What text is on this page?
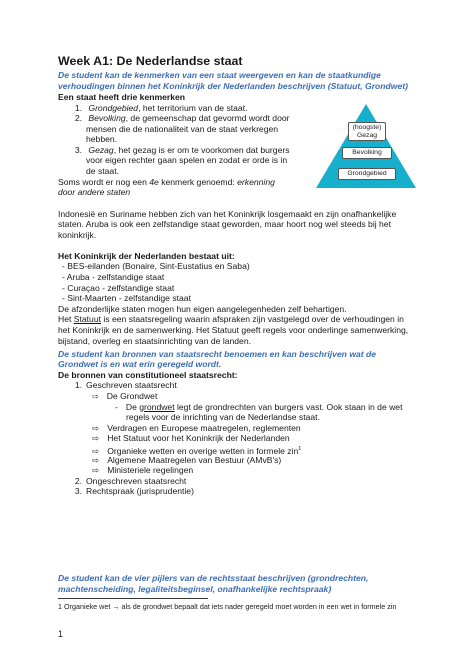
Week A1: De Nederlandse staat
De student kan de kenmerken van een staat weergeven en kan de staatkundige
verhoudingen binnen het Koninkrijk der Nederlanden beschrijven (Statuut, Grondwet)
Een staat heeft drie kenmerken
1. Grondgebied, het territorium van de staat.
2. Bevolking, de gemeenschap dat gevormd wordt door
mensen die de nationaliteit van de staat verkregen
hebben.
3. Gezag, het gezag is er om te voorkomen dat burgers
voor eigen rechter gaan spelen en zodat er orde is in
de staat.
Soms wordt er nog een 4e kenmerk genoemd: erkenning
door andere staten
(hoogste)
Gezag
Bevolking
Grondgebied
Indonesië en Suriname hebben zich van het Koninkrijk losgemaakt en zijn onafhankelijke
staten. Aruba is ook een zelfstandige staat geworden, maar hoort nog wel steeds bij het
koninkrijk.
Het Koninkrijk der Nederlanden bestaat uit:
- BES-eilanden (Bonaire, Sint-Eustatius en Saba)
- Aruba - zelfstandige staat
- Curaçao - zelfstandige staat
- Sint-Maarten - zelfstandige staat
De afzonderlijke staten mogen hun eigen aangelegenheden zelf behartigen.
Het Statuut is een staatsregeling waarin afspraken zijn vastgelegd over de verhoudingen in
het Koninkrijk en de samenwerking. Het Statuut geeft regels voor onderlinge samenwerking,
bijstand, overleg en staatsinrichting van de landen.
De student kan bronnen van staatsrecht benoemen en kan beschrijven wat de
Grondwet is en wat erin geregeld wordt.
De bronnen van constitutioneel staatsrecht:
1. Geschreven staatsrecht
⇨ De Grondwet
- De grondwet legt de grondrechten van burgers vast. Ook staan in de wet
regels voor de inrichting van de Nederlandse staat.
⇨ Verdragen en Europese maatregelen, reglementen
⇨ Het Statuut voor het Koninkrijk der Nederlanden
⇨ Organieke wetten en overige wetten in formele zin$^1$
⇨ Algemene Maatregelen van Bestuur (AMvB's)
⇨ Ministeriele regelingen
2. Ongeschreven staatsrecht
3. Rechtspraak (jurisprudentie)
De student kan de vier pijlers van de rechtsstaat beschrijven (grondrechten,
machtenscheiding, legaliteitsbeginsel, onafhankelijke rechtspraak)
1 Organieke wet → als de grondwet bepaalt dat iets nader geregeld moet worden in een wet in formele zin
1
